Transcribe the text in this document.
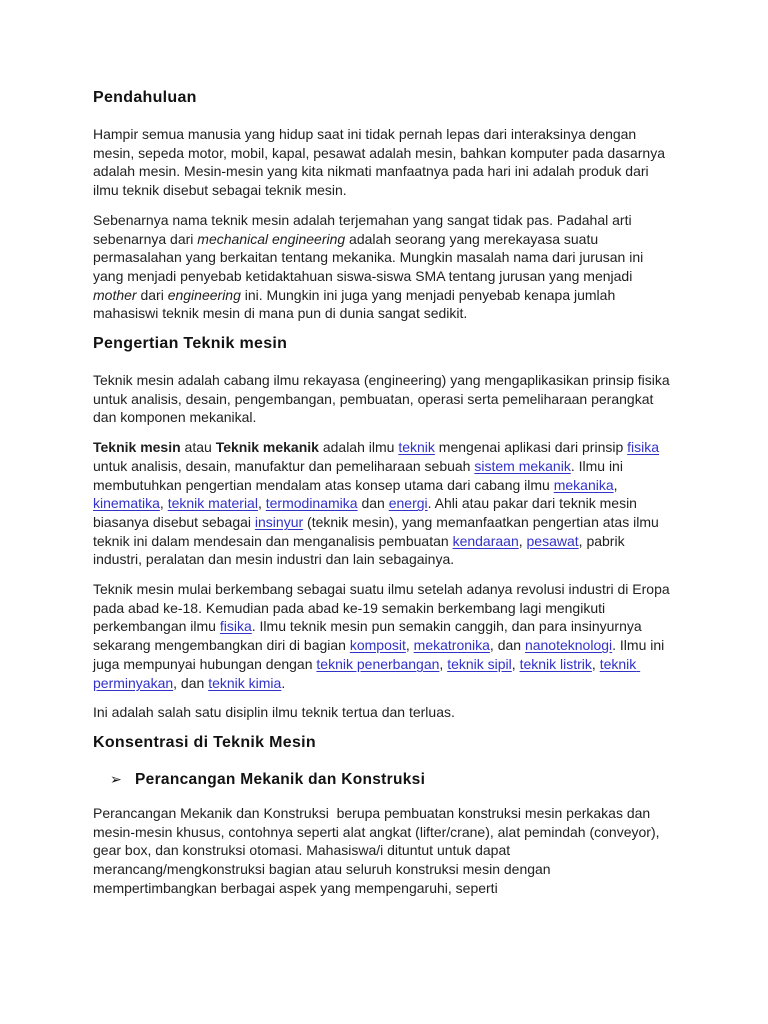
Pendahuluan

Hampir semua manusia yang hidup saat ini tidak pernah lepas dari interaksinya dengan mesin, sepeda motor, mobil, kapal, pesawat adalah mesin, bahkan komputer pada dasarnya adalah mesin. Mesin-mesin yang kita nikmati manfaatnya pada hari ini adalah produk dari ilmu teknik disebut sebagai teknik mesin.

Sebenarnya nama teknik mesin adalah terjemahan yang sangat tidak pas. Padahal arti sebenarnya dari mechanical engineering adalah seorang yang merekayasa suatu permasalahan yang berkaitan tentang mekanika. Mungkin masalah nama dari jurusan ini yang menjadi penyebab ketidaktahuan siswa-siswa SMA tentang jurusan yang menjadi mother dari engineering ini. Mungkin ini juga yang menjadi penyebab kenapa jumlah mahasiswi teknik mesin di mana pun di dunia sangat sedikit.

Pengertian Teknik mesin

Teknik mesin adalah cabang ilmu rekayasa (engineering) yang mengaplikasikan prinsip fisika untuk analisis, desain, pengembangan, pembuatan, operasi serta pemeliharaan perangkat dan komponen mekanikal.

Teknik mesin atau Teknik mekanik adalah ilmu teknik mengenai aplikasi dari prinsip fisika untuk analisis, desain, manufaktur dan pemeliharaan sebuah sistem mekanik. Ilmu ini membutuhkan pengertian mendalam atas konsep utama dari cabang ilmu mekanika, kinematika, teknik material, termodinamika dan energi. Ahli atau pakar dari teknik mesin biasanya disebut sebagai insinyur (teknik mesin), yang memanfaatkan pengertian atas ilmu teknik ini dalam mendesain dan menganalisis pembuatan kendaraan, pesawat, pabrik industri, peralatan dan mesin industri dan lain sebagainya.

Teknik mesin mulai berkembang sebagai suatu ilmu setelah adanya revolusi industri di Eropa pada abad ke-18. Kemudian pada abad ke-19 semakin berkembang lagi mengikuti perkembangan ilmu fisika. Ilmu teknik mesin pun semakin canggih, dan para insinyurnya sekarang mengembangkan diri di bagian komposit, mekatronika, dan nanoteknologi. Ilmu ini juga mempunyai hubungan dengan teknik penerbangan, teknik sipil, teknik listrik, teknik perminyakan, dan teknik kimia.

Ini adalah salah satu disiplin ilmu teknik tertua dan terluas.

Konsentrasi di Teknik Mesin
➢ Perancangan Mekanik dan Konstruksi

Perancangan Mekanik dan Konstruksi  berupa pembuatan konstruksi mesin perkakas dan mesin-mesin khusus, contohnya seperti alat angkat (lifter/crane), alat pemindah (conveyor), gear box, dan konstruksi otomasi. Mahasiswa/i dituntut untuk dapat merancang/mengkonstruksi bagian atau seluruh konstruksi mesin dengan mempertimbangkan berbagai aspek yang mempengaruhi, seperti
